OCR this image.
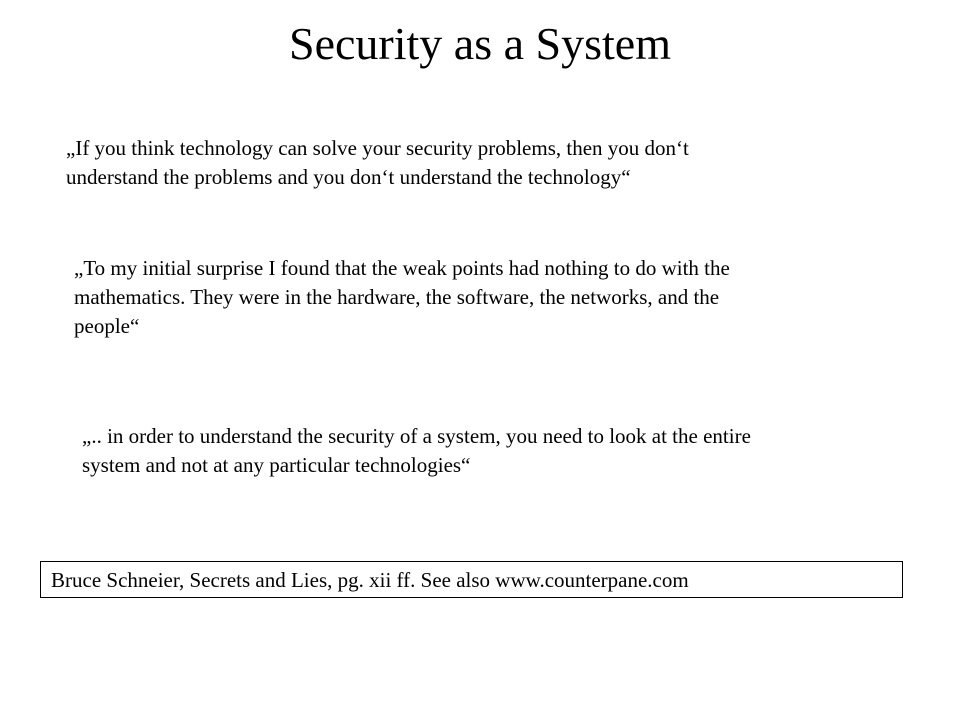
Security as a System
„If you think technology can solve your security problems, then you don‘t
understand the problems and you don‘t understand the technology“
„To my initial surprise I found that the weak points had nothing to do with the
mathematics. They were in the hardware, the software, the networks, and the
people“
„.. in order to understand the security of a system, you need to look at the entire
system and not at any particular technologies“
Bruce Schneier, Secrets and Lies, pg. xii ff. See also www.counterpane.com
